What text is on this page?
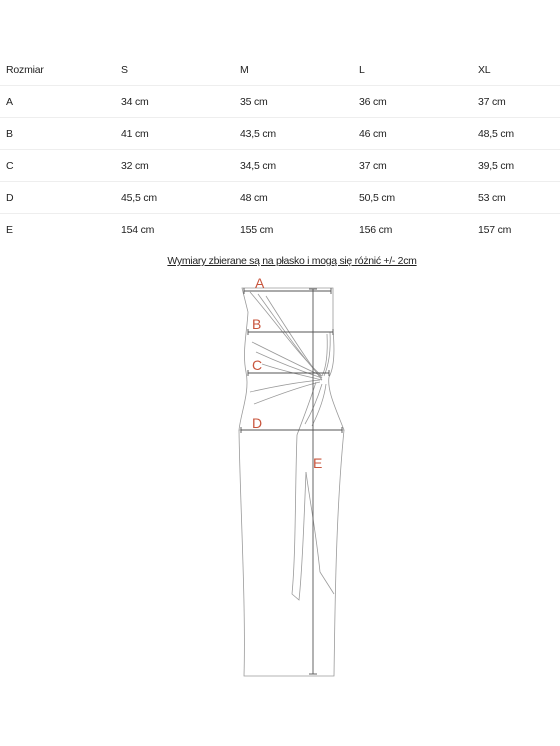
Rozmiar	S	M	L	XL
A	34 cm	35 cm	36 cm	37 cm
B	41 cm	43,5 cm	46 cm	48,5 cm
C	32 cm	34,5 cm	37 cm	39,5 cm
D	45,5 cm	48 cm	50,5 cm	53 cm
E	154 cm	155 cm	156 cm	157 cm
Wymiary zbierane są na płasko i mogą się różnić +/- 2cm
A
B
C
D
E
